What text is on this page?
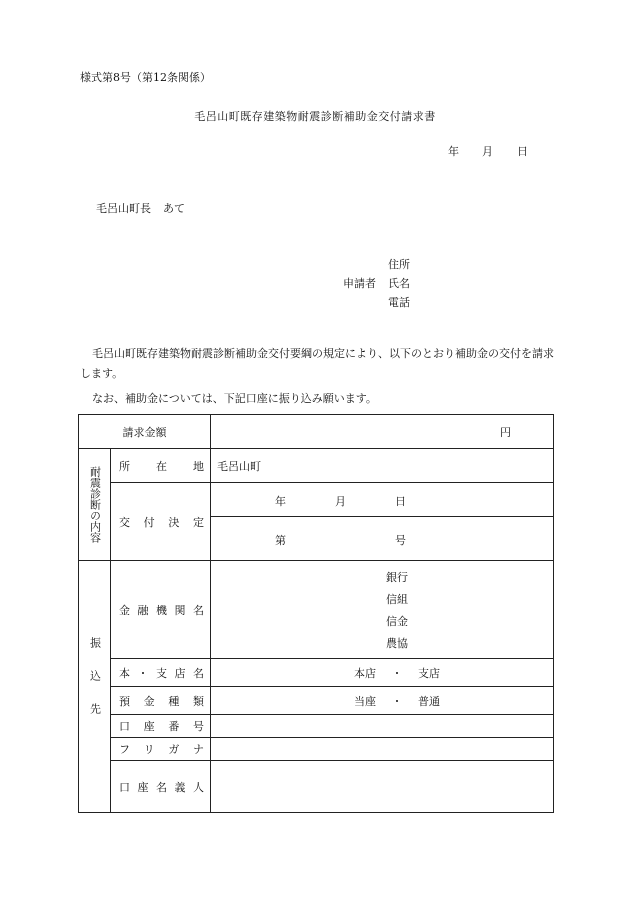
様式第8号（第12条関係）
毛呂山町既存建築物耐震診断補助金交付請求書
年 月 日
毛呂山町長 あて
住所
申請者 氏名
電話
毛呂山町既存建築物耐震診断補助金交付要綱の規定により、以下のとおり補助金の交付を請求します。
なお、補助金については、下記口座に振り込み願います。
請求金額		円

耐震診断の内容	所 在 地	毛呂山町

	交 付 決 定	年 月 日

		第 号

振込先	金 融 機 関 名	銀行
信組
信金
農協

	本 ・ 支 店 名	本店 ・ 支店

	預 金 種 類	当座 ・ 普通

	口 座 番 号	

	フ リ ガ ナ	

	口 座 名 義 人	
